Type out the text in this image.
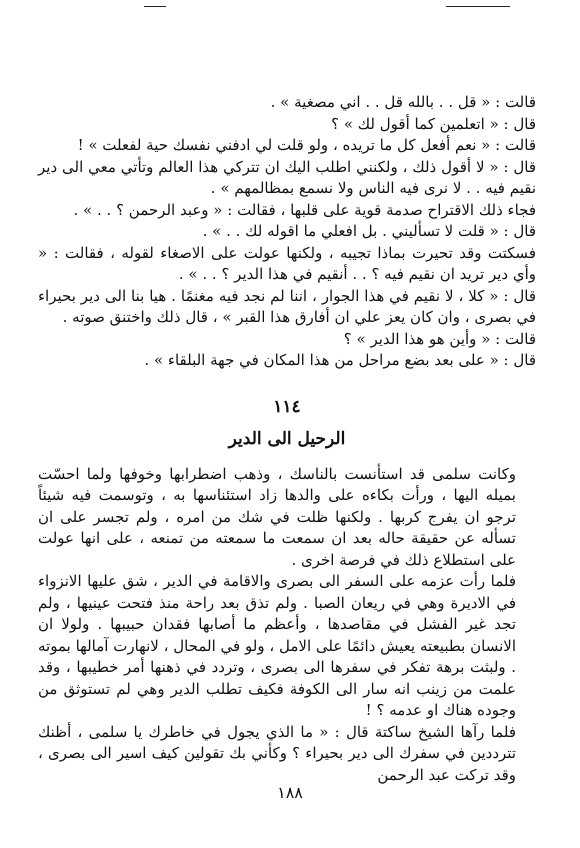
قالت : « قل . . بالله قل . . اني مصغية » .

قال : « اتعلمين كما أقول لك » ؟

قالت : « نعم أفعل كل ما تريده ، ولو قلت لي ادفني نفسك حية لفعلت » !

قال : « لا أقول ذلك ، ولكنني اطلب اليك ان تتركي هذا العالم وتأتي معي الى دير نقيم فيه . . لا نرى فيه الناس ولا نسمع بمظالمهم » .

فجاء ذلك الاقتراح صدمة قوية على قلبها ، فقالت : « وعبد الرحمن ؟ . . » .

قال : « قلت لا تسأليني . بل افعلي ما اقوله لك . . » .

فسكتت وقد تحيرت بماذا تجيبه ، ولكنها عولت على الاصغاء لقوله ، فقالت : « وأي دير تريد ان نقيم فيه ؟ . . أنقيم في هذا الدير ؟ . . » .

قال : « كلا ، لا نقيم في هذا الجوار ، اننا لم نجد فيه مغنمًا . هيا بنا الى دير بحيراء في بصرى ، وان كان يعز علي ان أفارق هذا القبر » ، قال ذلك واختنق صوته .

قالت : « وأين هو هذا الدير » ؟

قال : « على بعد بضع مراحل من هذا المكان في جهة البلقاء » .

١١٤
الرحيل الى الدير

وكانت سلمى قد استأنست بالناسك ، وذهب اضطرابها وخوفها ولما احسّت بميله اليها ، ورأت بكاءه على والدها زاد استئناسها به ، وتوسمت فيه شيئاً ترجو ان يفرج كربها . ولكنها ظلت في شك من امره ، ولم تجسر على ان تسأله عن حقيقة حاله بعد ان سمعت ما سمعته من تمنعه ، على انها عولت على استطلاع ذلك في فرصة اخرى .

فلما رأت عزمه على السفر الى بصرى والاقامة في الدير ، شق عليها الانزواء في الاديرة وهي في ريعان الصبا . ولم تذق بعد راحة منذ فتحت عينيها ، ولم تجد غير الفشل في مقاصدها ، وأعظم ما أصابها فقدان حبيبها . ولولا ان الانسان بطبيعته يعيش دائمًا على الامل ، ولو في المحال ، لانهارت آمالها بموته . ولبثت برهة تفكر في سفرها الى بصرى ، وتردد في ذهنها أمر خطيبها ، وقد علمت من زينب انه سار الى الكوفة فكيف تطلب الدير وهي لم تستوثق من وجوده هناك او عدمه ؟ !

فلما رآها الشيخ ساكتة قال : « ما الذي يجول في خاطرك يا سلمى ، أظنك تترددين في سفرك الى دير بحيراء ؟ وكأني بك تقولين كيف اسير الى بصرى ، وقد تركت عبد الرحمن

١٨٨
